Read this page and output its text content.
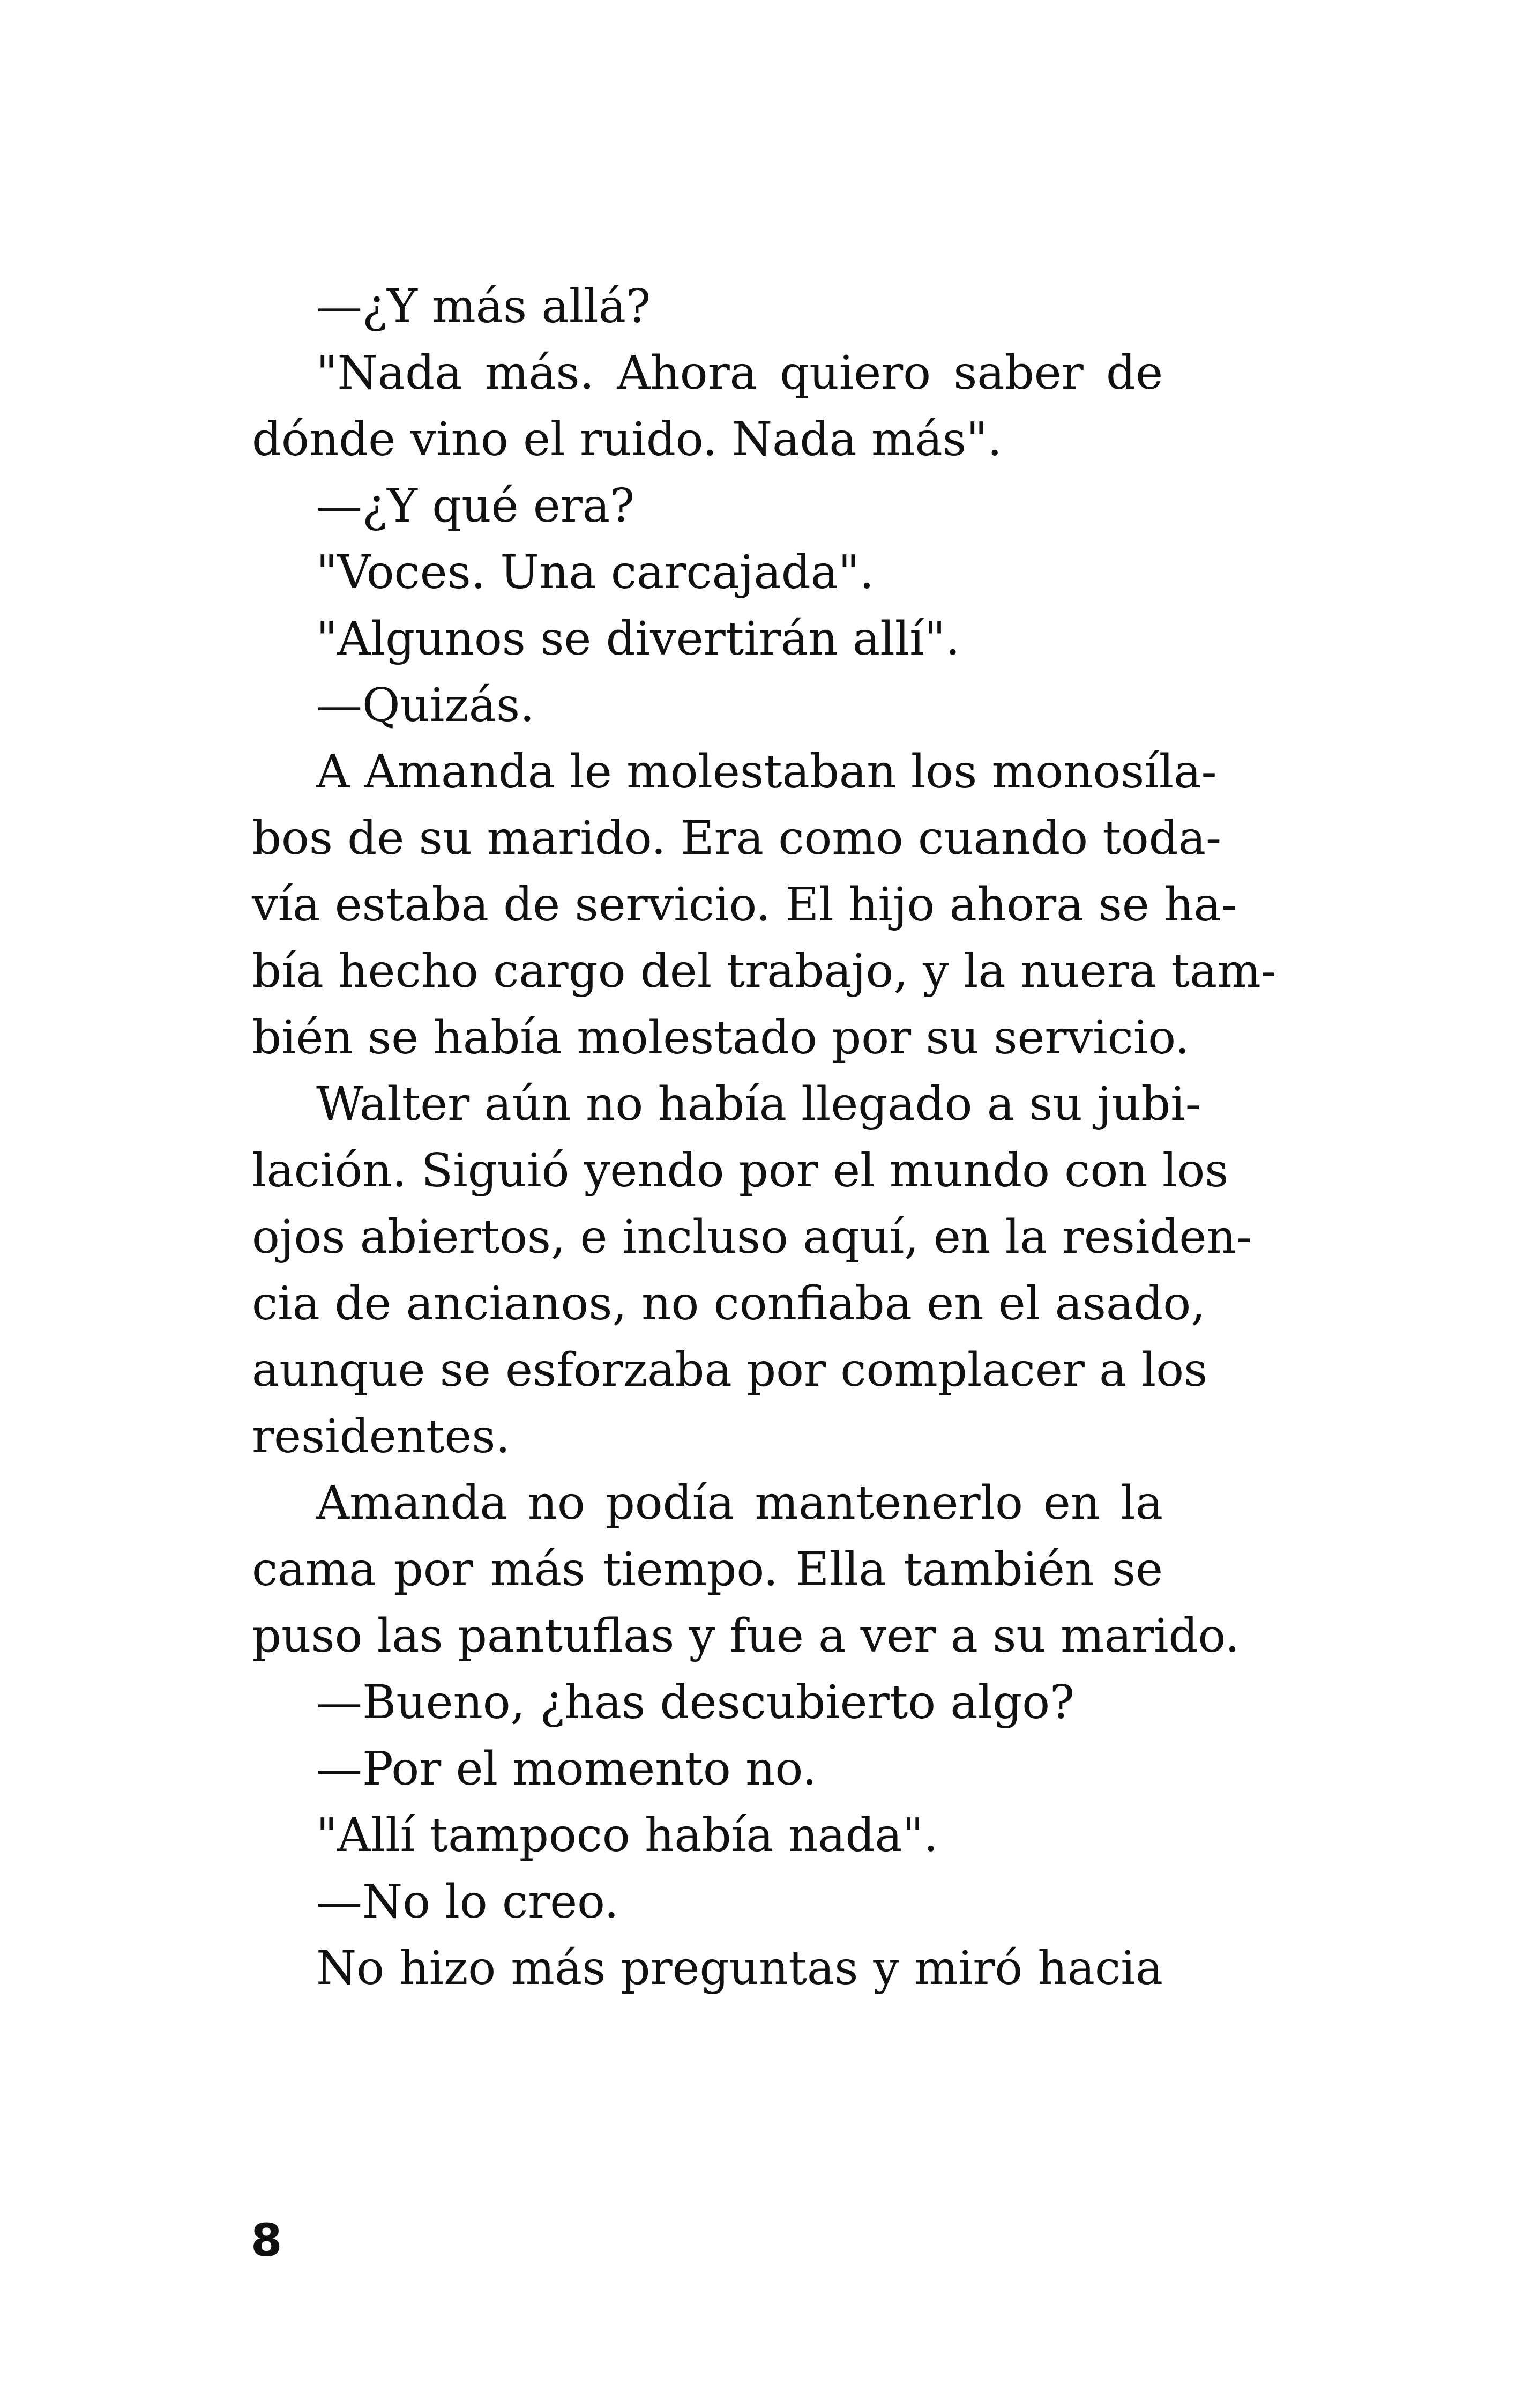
—¿Y más allá?
"Nada más. Ahora quiero saber de
dónde vino el ruido. Nada más".
—¿Y qué era?
"Voces. Una carcajada".
"Algunos se divertirán allí".
—Quizás.
A Amanda le molestaban los monosíla-
bos de su marido. Era como cuando toda-
vía estaba de servicio. El hijo ahora se ha-
bía hecho cargo del trabajo, y la nuera tam-
bién se había molestado por su servicio.
Walter aún no había llegado a su jubi-
lación. Siguió yendo por el mundo con los
ojos abiertos, e incluso aquí, en la residen-
cia de ancianos, no confiaba en el asado,
aunque se esforzaba por complacer a los
residentes.
Amanda no podía mantenerlo en la
cama por más tiempo. Ella también se
puso las pantuflas y fue a ver a su marido.
—Bueno, ¿has descubierto algo?
—Por el momento no.
"Allí tampoco había nada".
—No lo creo.
No hizo más preguntas y miró hacia
8
